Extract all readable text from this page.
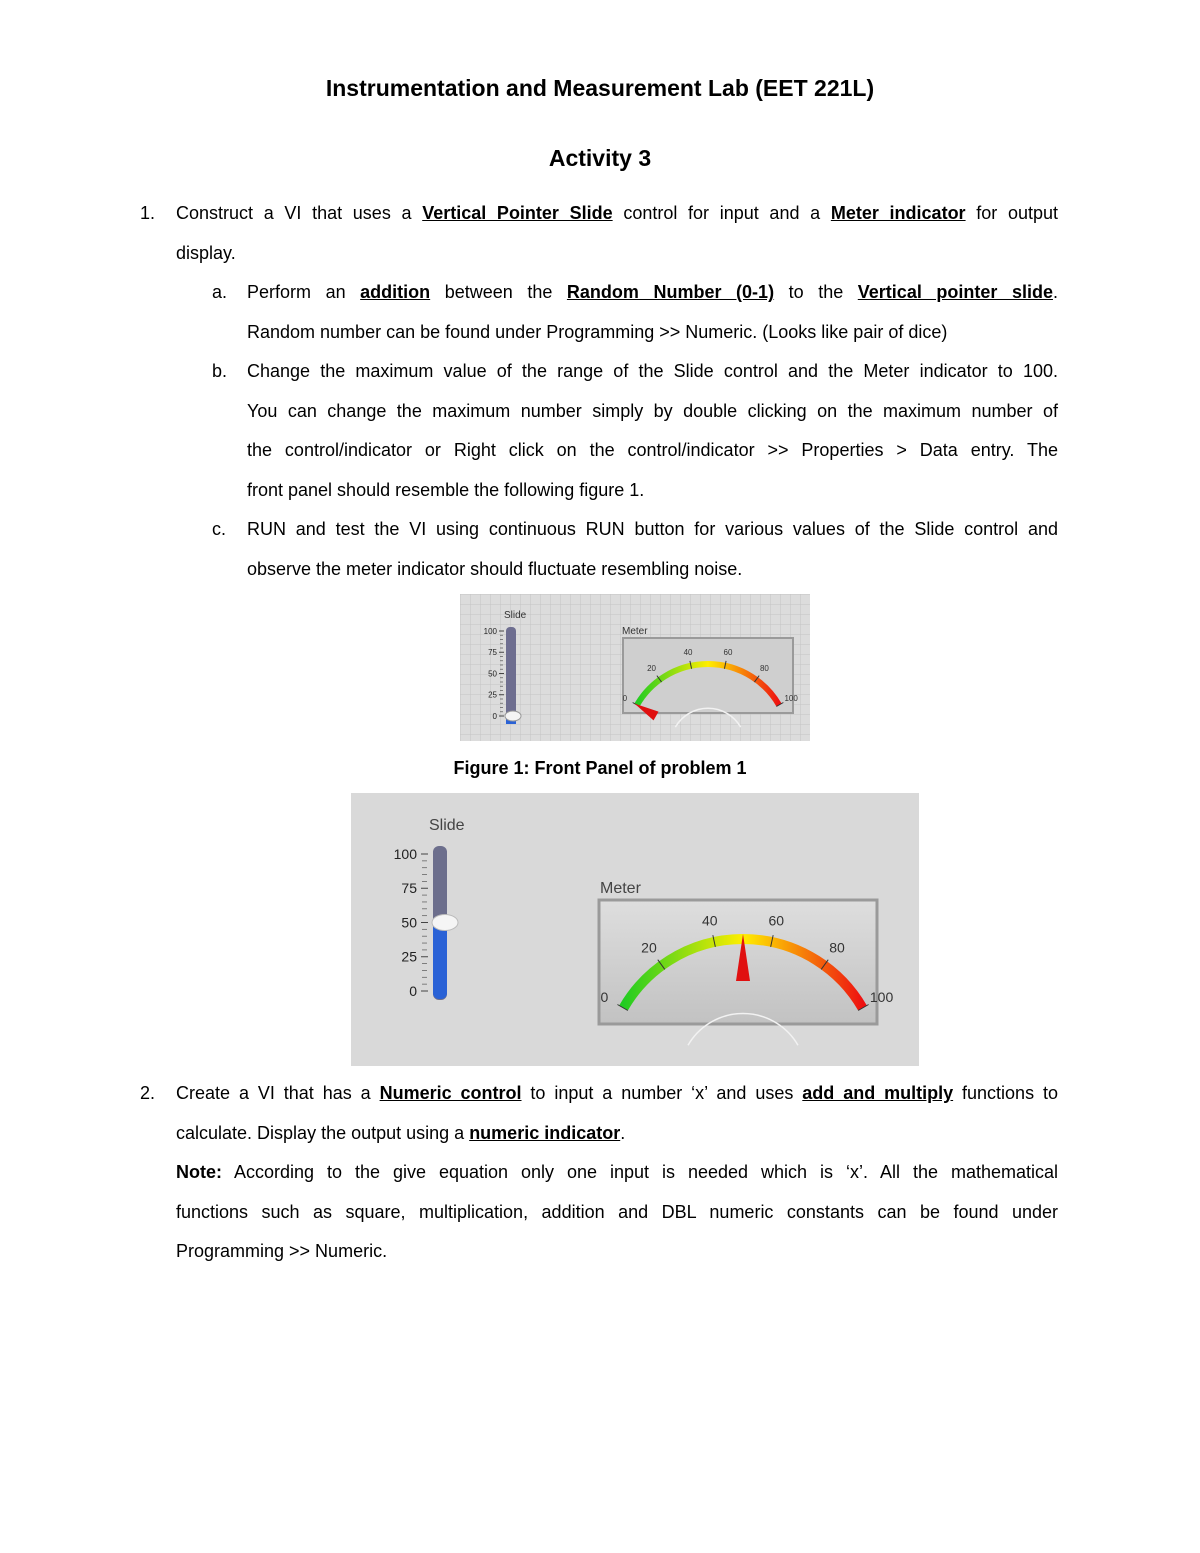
Instrumentation and Measurement Lab (EET 221L)
Activity 3
1. Construct a VI that uses a Vertical Pointer Slide control for input and a Meter indicator for output
display.
a. Perform an addition between the Random Number (0-1) to the Vertical pointer slide.
Random number can be found under Programming >> Numeric. (Looks like pair of dice)
b. Change the maximum value of the range of the Slide control and the Meter indicator to 100.
You can change the maximum number simply by double clicking on the maximum number of
the control/indicator or Right click on the control/indicator >> Properties > Data entry. The
front panel should resemble the following figure 1.
c. RUN and test the VI using continuous RUN button for various values of the Slide control and
observe the meter indicator should fluctuate resembling noise.
Slide
100
75
50
25
0
Meter
0
20
40	60
80
100
Figure 1: Front Panel of problem 1
Slide
100
75
50
25
0
Meter
0
20
40	60
80
100
2. Create a VI that has a Numeric control to input a number ‘x’ and uses add and multiply functions to
calculate. Display the output using a numeric indicator.
Note: According to the give equation only one input is needed which is ‘x’. All the mathematical
functions such as square, multiplication, addition and DBL numeric constants can be found under
Programming >> Numeric.
